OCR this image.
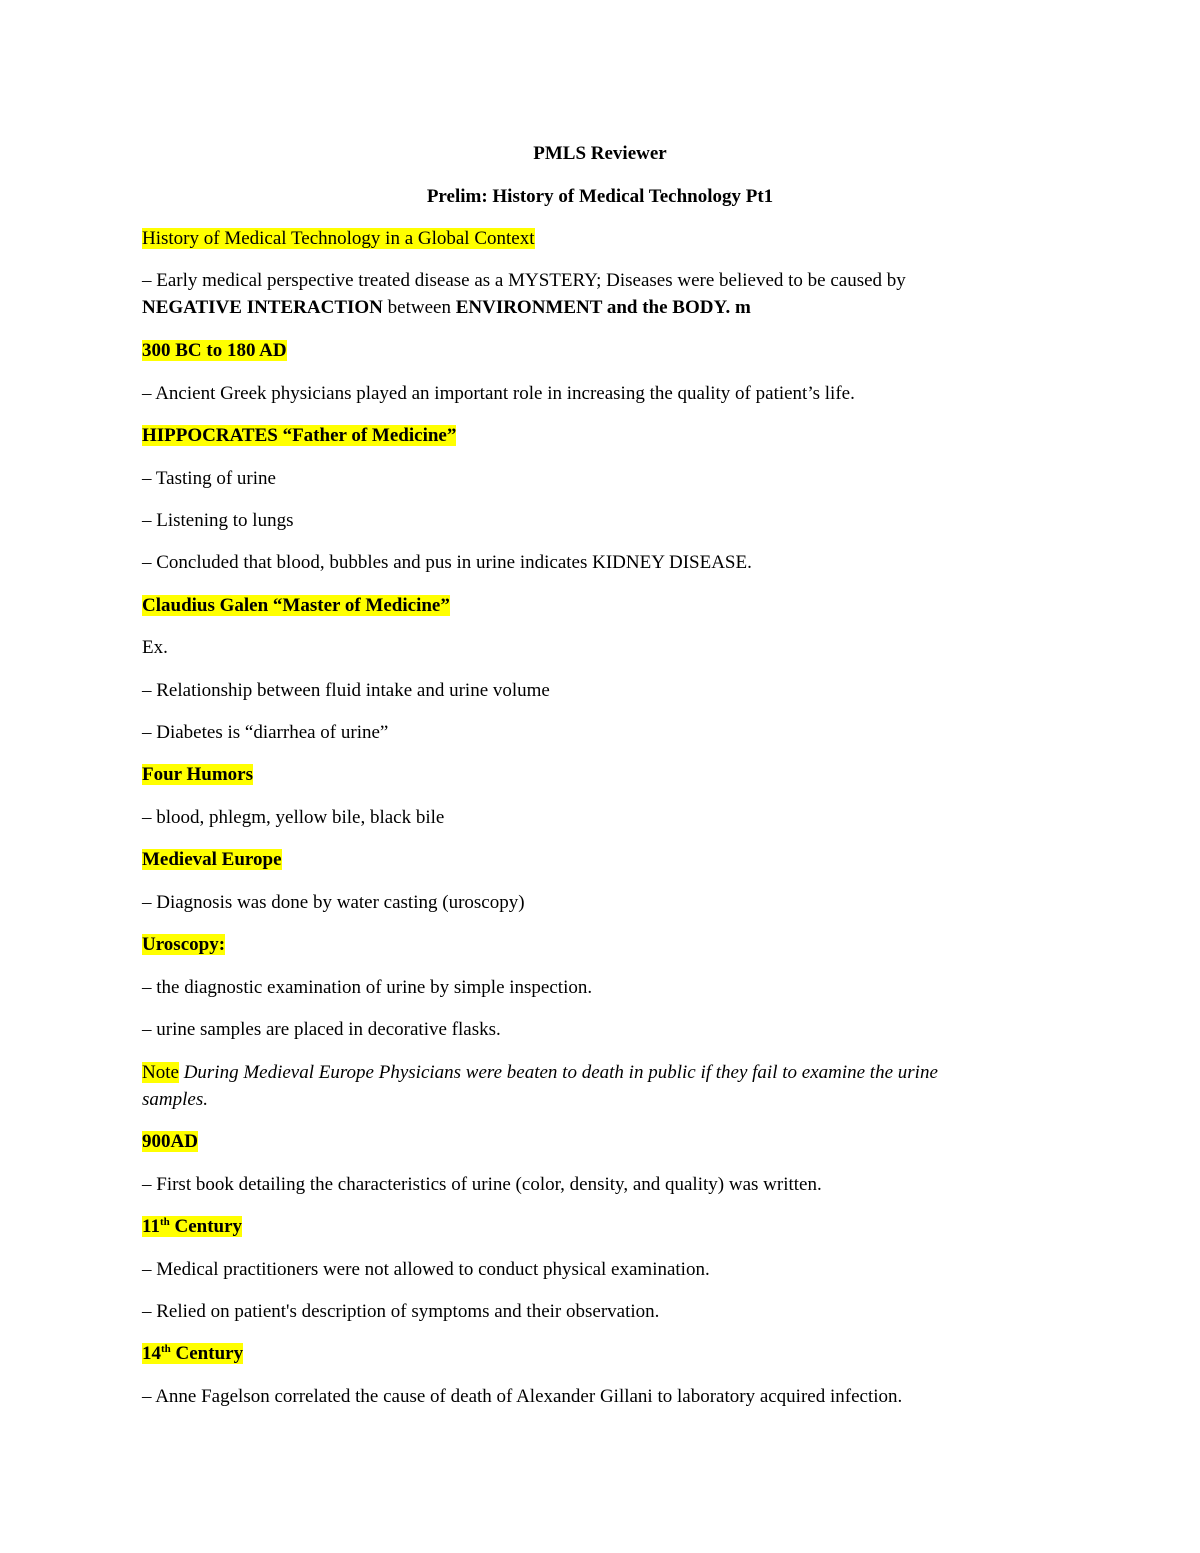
PMLS Reviewer
Prelim: History of Medical Technology Pt1
History of Medical Technology in a Global Context
– Early medical perspective treated disease as a MYSTERY; Diseases were believed to be caused by
NEGATIVE INTERACTION between ENVIRONMENT and the BODY. m
300 BC to 180 AD
– Ancient Greek physicians played an important role in increasing the quality of patient’s life.
HIPPOCRATES “Father of Medicine”
– Tasting of urine
– Listening to lungs
– Concluded that blood, bubbles and pus in urine indicates KIDNEY DISEASE.
Claudius Galen “Master of Medicine”
Ex.
– Relationship between fluid intake and urine volume
– Diabetes is “diarrhea of urine”
Four Humors
– blood, phlegm, yellow bile, black bile
Medieval Europe
– Diagnosis was done by water casting (uroscopy)
Uroscopy:
– the diagnostic examination of urine by simple inspection.
– urine samples are placed in decorative flasks.
Note During Medieval Europe Physicians were beaten to death in public if they fail to examine the urine
samples.
900AD
– First book detailing the characteristics of urine (color, density, and quality) was written.
11th Century
– Medical practitioners were not allowed to conduct physical examination.
– Relied on patient's description of symptoms and their observation.
14th Century
– Anne Fagelson correlated the cause of death of Alexander Gillani to laboratory acquired infection.
